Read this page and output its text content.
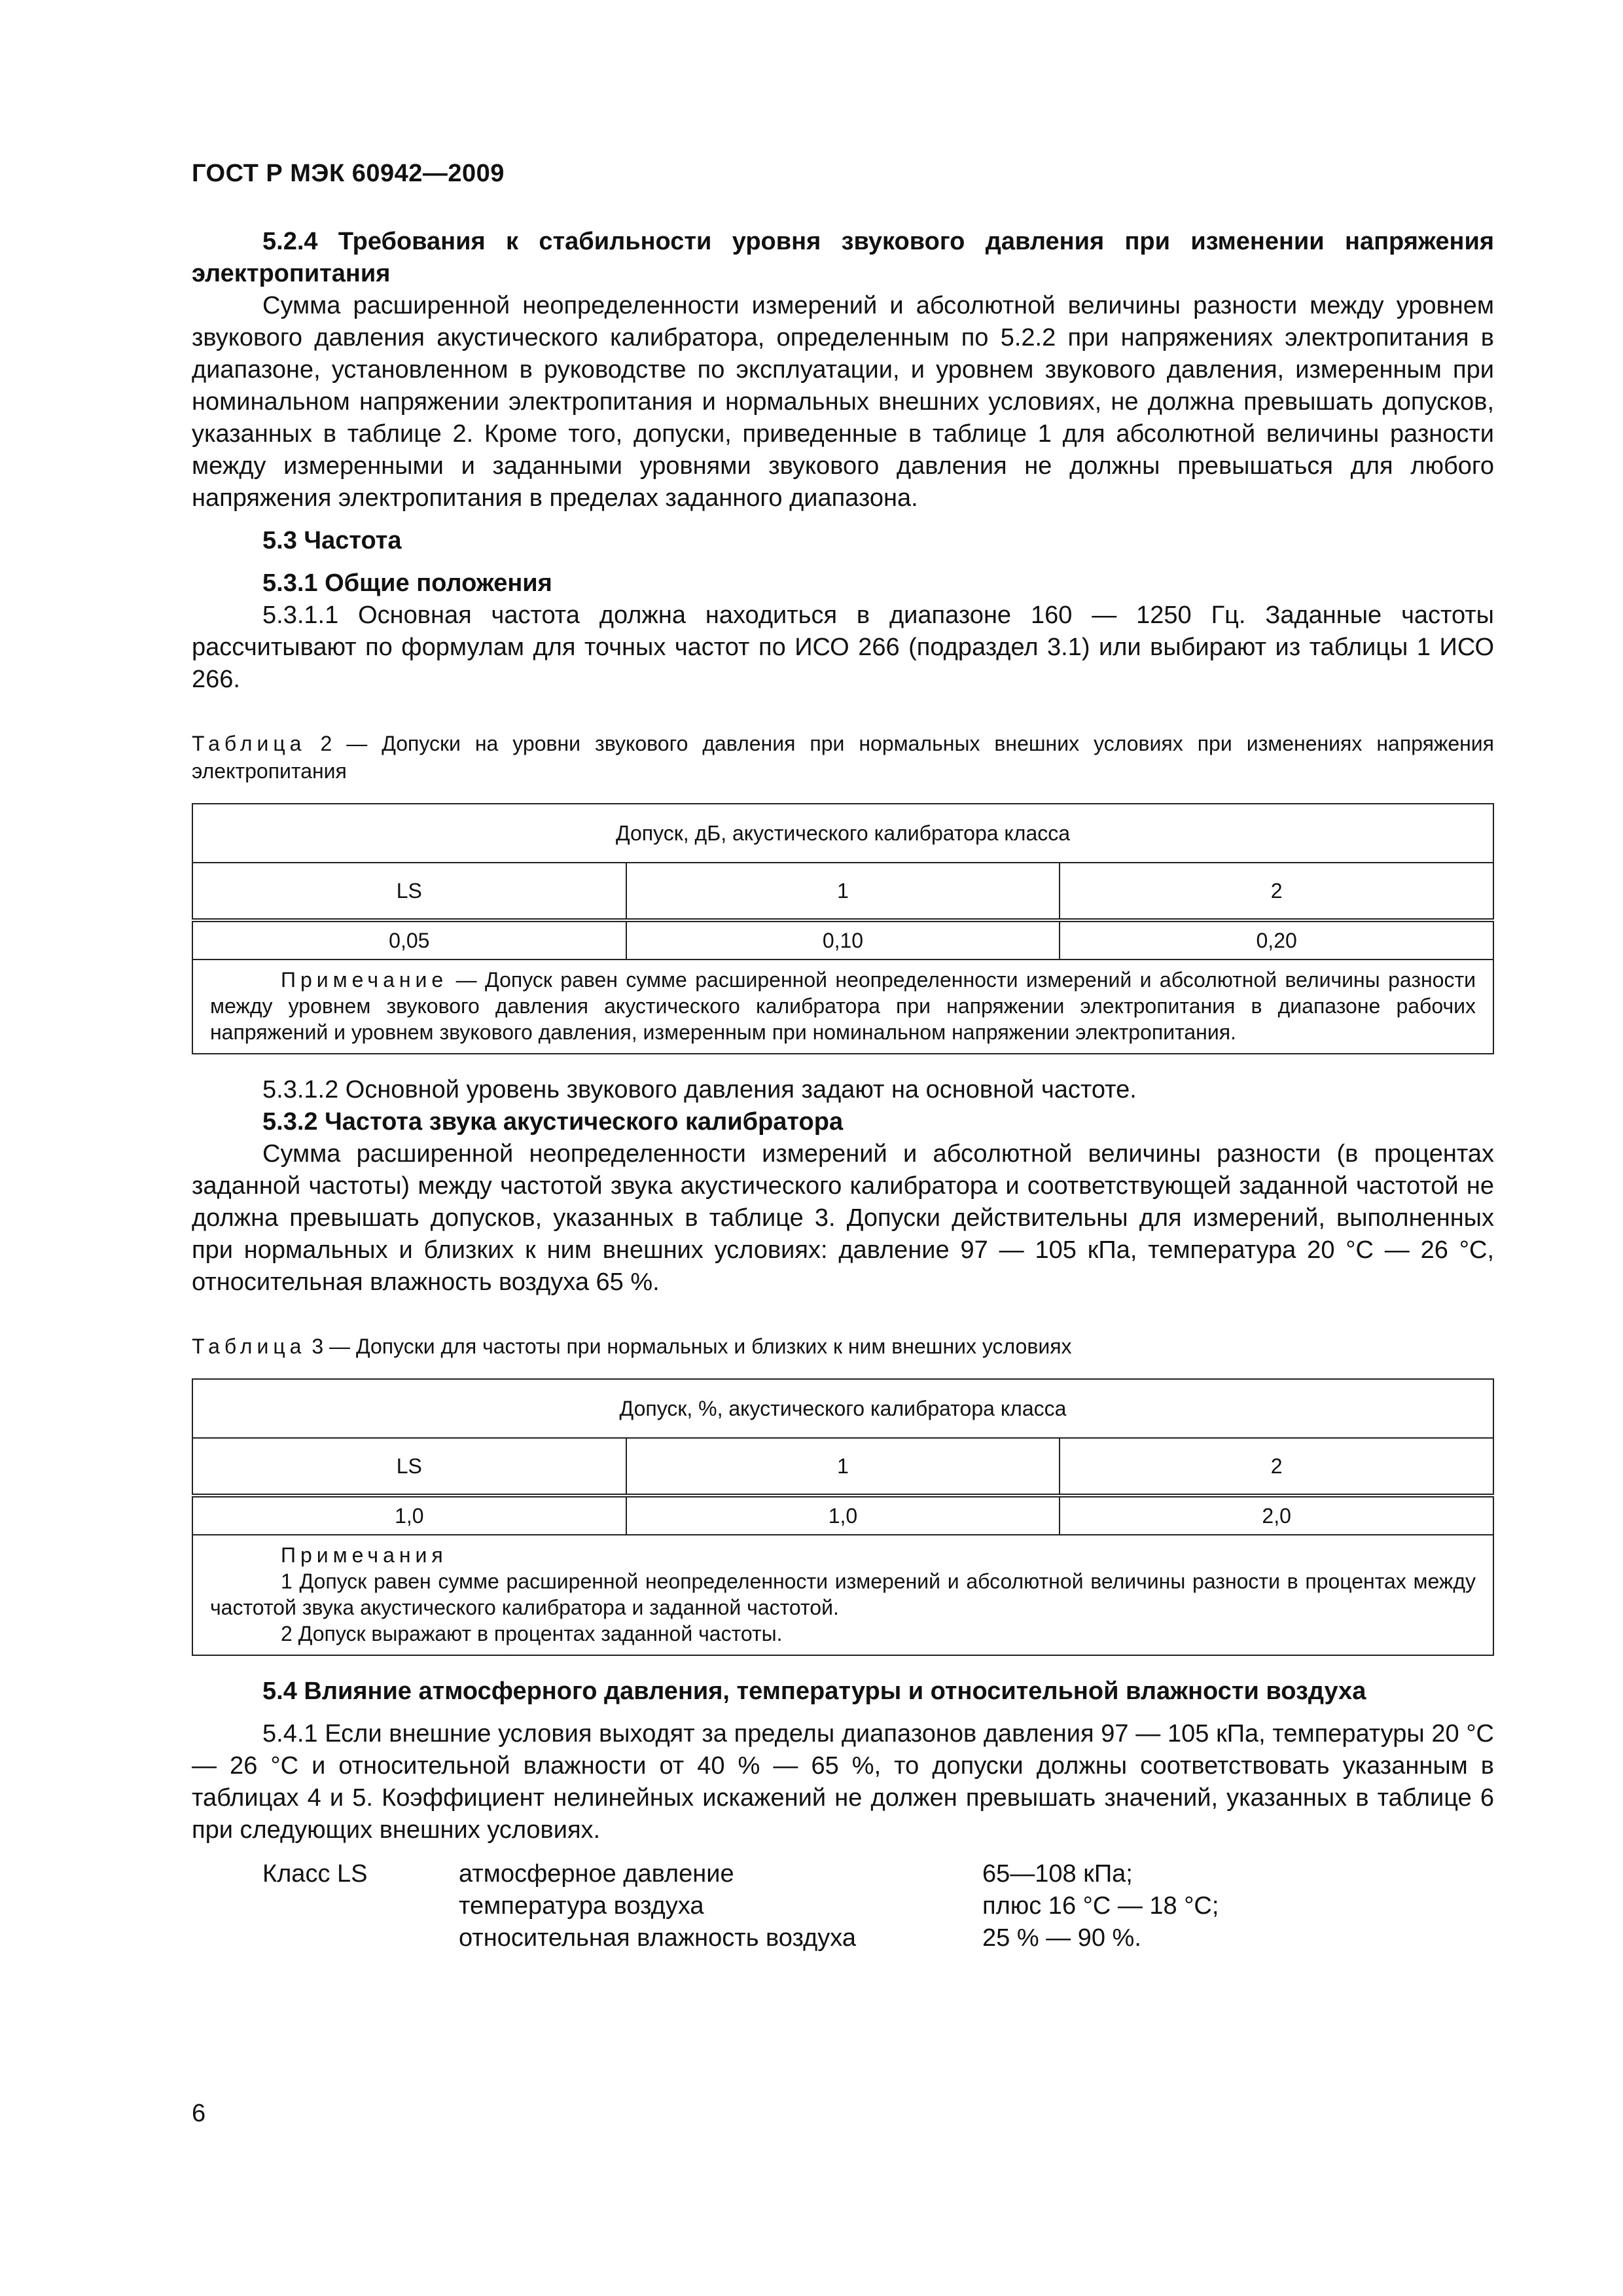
ГОСТ Р МЭК 60942—2009

5.2.4 Требования к стабильности уровня звукового давления при изменении напряжения электропитания

Сумма расширенной неопределенности измерений и абсолютной величины разности между уровнем звукового давления акустического калибратора, определенным по 5.2.2 при напряжениях электропитания в диапазоне, установленном в руководстве по эксплуатации, и уровнем звукового давления, измеренным при номинальном напряжении электропитания и нормальных внешних условиях, не должна превышать допусков, указанных в таблице 2. Кроме того, допуски, приведенные в таблице 1 для абсолютной величины разности между измеренными и заданными уровнями звукового давления не должны превышаться для любого напряжения электропитания в пределах заданного диапазона.

5.3 Частота

5.3.1 Общие положения

5.3.1.1 Основная частота должна находиться в диапазоне 160 — 1250 Гц. Заданные частоты рассчитывают по формулам для точных частот по ИСО 266 (подраздел 3.1) или выбирают из таблицы 1 ИСО 266.

Таблица 2 — Допуски на уровни звукового давления при нормальных внешних условиях при изменениях напряжения электропитания
Допуск, дБ, акустического калибратора класса		
LS	1	2
0,05	0,10	0,20

Примечание — Допуск равен сумме расширенной неопределенности измерений и абсолютной величины разности между уровнем звукового давления акустического калибратора при напряжении электропитания в диапазоне рабочих напряжений и уровнем звукового давления, измеренным при номинальном напряжении электропитания.		

5.3.1.2 Основной уровень звукового давления задают на основной частоте.

5.3.2 Частота звука акустического калибратора

Сумма расширенной неопределенности измерений и абсолютной величины разности (в процентах заданной частоты) между частотой звука акустического калибратора и соответствующей заданной частотой не должна превышать допусков, указанных в таблице 3. Допуски действительны для измерений, выполненных при нормальных и близких к ним внешних условиях: давление 97 — 105 кПа, температура 20 °С — 26 °С, относительная влажность воздуха 65 %.

Таблица 3 — Допуски для частоты при нормальных и близких к ним внешних условиях
Допуск, %, акустического калибратора класса		
LS	1	2
1,0	1,0	2,0

Примечания
1 Допуск равен сумме расширенной неопределенности измерений и абсолютной величины разности в процентах между частотой звука акустического калибратора и заданной частотой.
2 Допуск выражают в процентах заданной частоты.		

5.4 Влияние атмосферного давления, температуры и относительной влажности воздуха

5.4.1 Если внешние условия выходят за пределы диапазонов давления 97 — 105 кПа, температуры 20 °С — 26 °С и относительной влажности от 40 % — 65 %, то допуски должны соответствовать указанным в таблицах 4 и 5. Коэффициент нелинейных искажений не должен превышать значений, указанных в таблице 6 при следующих внешних условиях.

Класс LS	атмосферное давление	65—108 кПа;
температура воздуха	плюс 16 °С — 18 °С;
относительная влажность воздуха	25 % — 90 %.
6
